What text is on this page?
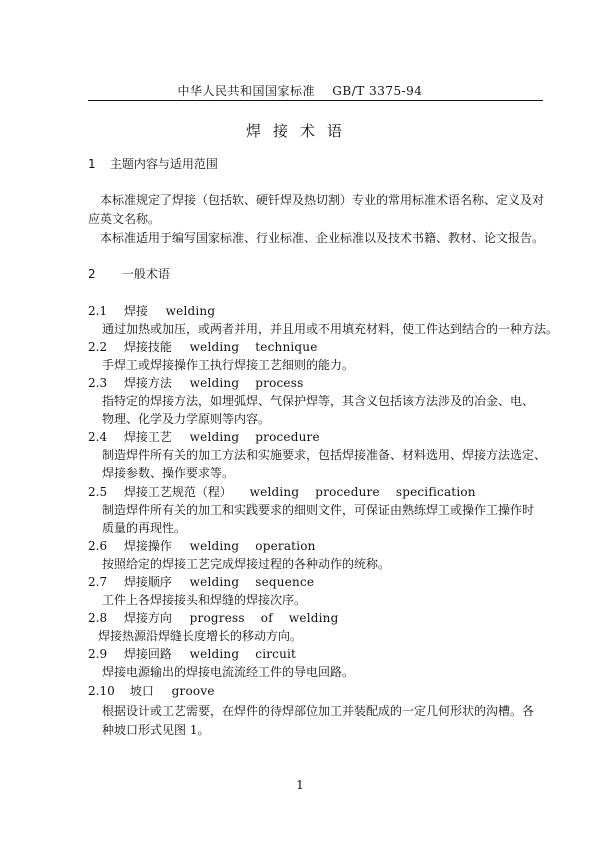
中华人民共和国国家标准    GB/T 3375-94
焊接术语
1 主题内容与适用范围
本标准规定了焊接（包括软、硬钎焊及热切割）专业的常用标准术语名称、定义及对
应英文名称。
本标准适用于编写国家标准、行业标准、企业标准以及技术书籍、教材、论文报告。
2 一般术语
2.1 焊接 welding
通过加热或加压，或两者并用，并且用或不用填充材料，使工件达到结合的一种方法。
2.2 焊接技能 welding    technique
手焊工或焊接操作工执行焊接工艺细则的能力。
2.3 焊接方法 welding    process
指特定的焊接方法，如埋弧焊、气保护焊等，其含义包括该方法涉及的冶金、电、
物理、化学及力学原则等内容。
2.4 焊接工艺 welding    procedure
制造焊件所有关的加工方法和实施要求，包括焊接准备、材料选用、焊接方法选定、
焊接参数、操作要求等。
2.5 焊接工艺规范（程） welding    procedure    specification
制造焊件所有关的加工和实践要求的细则文件，可保证由熟练焊工或操作工操作时
质量的再现性。
2.6 焊接操作 welding    operation
按照给定的焊接工艺完成焊接过程的各种动作的统称。
2.7 焊接顺序 welding    sequence
工件上各焊接接头和焊缝的焊接次序。
2.8 焊接方向 progress    of    welding
焊接热源沿焊缝长度增长的移动方向。
2.9 焊接回路 welding    circuit
焊接电源输出的焊接电流流经工件的导电回路。
2.10 坡口 groove
根据设计或工艺需要，在焊件的待焊部位加工并装配成的一定几何形状的沟槽。各
种坡口形式见图 1。
1
